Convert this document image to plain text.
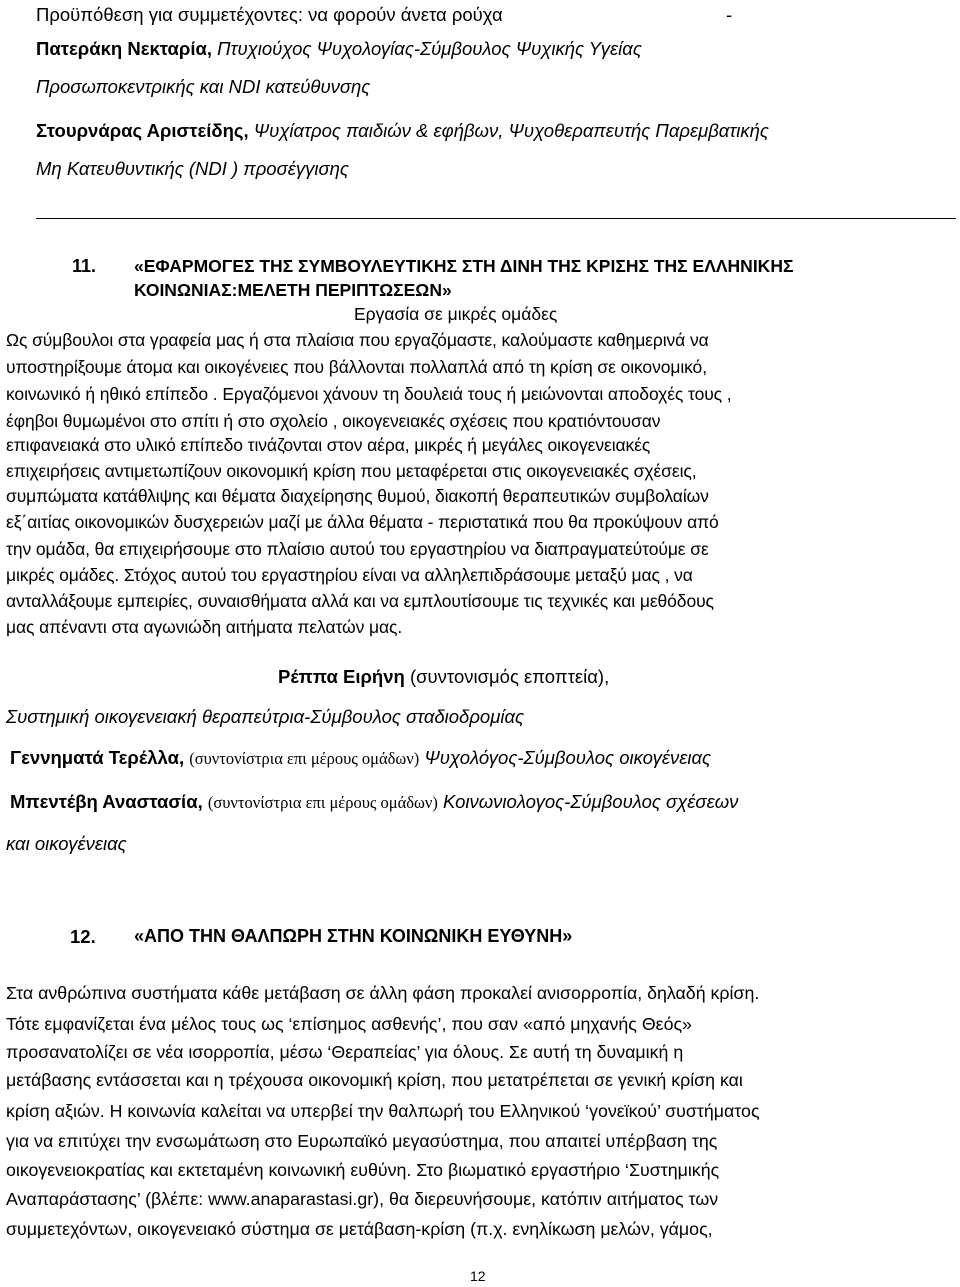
Προϋπόθεση για συμμετέχοντες: να φορούν άνετα ρούχα	-
Πατεράκη Νεκταρία, Πτυχιούχος Ψυχολογίας-Σύμβουλος Ψυχικής Υγείας
Προσωποκεντρικής και NDI κατεύθυνσης
Στουρνάρας Αριστείδης, Ψυχίατρος παιδιών & εφήβων, Ψυχοθεραπευτής Παρεμβατικής
Μη Κατευθυντικής (NDI ) προσέγγισης
11. «ΕΦΑΡΜΟΓΕΣ ΤΗΣ ΣΥΜΒΟΥΛΕΥΤΙΚΗΣ ΣΤΗ ΔΙΝΗ ΤΗΣ ΚΡΙΣΗΣ ΤΗΣ ΕΛΛΗΝΙΚΗΣ
ΚΟΙΝΩΝΙΑΣ:ΜΕΛΕΤΗ ΠΕΡΙΠΤΩΣΕΩΝ»
Εργασία σε μικρές ομάδες
Ως σύμβουλοι στα γραφεία μας ή στα πλαίσια που εργαζόμαστε, καλούμαστε καθημερινά να
υποστηρίξουμε άτομα και οικογένειες που βάλλονται πολλαπλά από τη κρίση σε οικονομικό,
κοινωνικό ή ηθικό επίπεδο . Εργαζόμενοι χάνουν τη δουλειά τους ή μειώνονται αποδοχές τους ,
έφηβοι θυμωμένοι στο σπίτι ή στο σχολείο , οικογενειακές σχέσεις που κρατιόντουσαν
επιφανειακά στο υλικό επίπεδο τινάζονται στον αέρα, μικρές ή μεγάλες οικογενειακές
επιχειρήσεις αντιμετωπίζουν οικονομική κρίση που μεταφέρεται στις οικογενειακές σχέσεις,
συμπώματα κατάθλιψης και θέματα διαχείρησης θυμού, διακοπή θεραπευτικών συμβολαίων
εξ΄αιτίας οικονομικών δυσχερειών μαζί με άλλα θέματα - περιστατικά που θα προκύψουν από
την ομάδα, θα επιχειρήσουμε στο πλαίσιο αυτού του εργαστηρίου να διαπραγματεύτούμε σε
μικρές ομάδες. Στόχος αυτού του εργαστηρίου είναι να αλληλεπιδράσουμε μεταξύ μας , να
ανταλλάξουμε εμπειρίες, συναισθήματα αλλά και να εμπλουτίσουμε τις τεχνικές και μεθόδους
μας απέναντι στα αγωνιώδη αιτήματα πελατών μας.
Ρέππα Ειρήνη (συντονισμός εποπτεία),
Συστημική οικογενειακή θεραπεύτρια-Σύμβουλος σταδιοδρομίας
Γεννηματά Τερέλλα, (συντονίστρια επι μέρους ομάδων) Ψυχολόγος-Σύμβουλος οικογένειας
Μπεντέβη Αναστασία, (συντονίστρια επι μέρους ομάδων) Κοινωνιολογος-Σύμβουλος σχέσεων
και οικογένειας
12. «ΑΠΟ ΤΗΝ ΘΑΛΠΩΡΗ ΣΤΗΝ ΚΟΙΝΩΝΙΚΗ ΕΥΘΥΝΗ»
Στα ανθρώπινα συστήματα κάθε μετάβαση σε άλλη φάση προκαλεί ανισορροπία, δηλαδή κρίση.
Τότε εμφανίζεται ένα μέλος τους ως ‘επίσημος ασθενής’, που σαν «από μηχανής Θεός»
προσανατολίζει σε νέα ισορροπία, μέσω ‘Θεραπείας’ για όλους. Σε αυτή τη δυναμική η
μετάβασης εντάσσεται και η τρέχουσα οικονομική κρίση, που μετατρέπεται σε γενική κρίση και
κρίση αξιών. Η κοινωνία καλείται να υπερβεί την θαλπωρή του Ελληνικού ‘γονεϊκού’ συστήματος
για να επιτύχει την ενσωμάτωση στο Ευρωπαϊκό μεγασύστημα, που απαιτεί υπέρβαση της
οικογενειοκρατίας και εκτεταμένη κοινωνική ευθύνη. Στο βιωματικό εργαστήριο ‘Συστημικής
Αναπαράστασης’ (βλέπε: www.anaparastasi.gr), θα διερευνήσουμε, κατόπιν αιτήματος των
συμμετεχόντων, οικογενειακό σύστημα σε μετάβαση-κρίση (π.χ. ενηλίκωση μελών, γάμος,
12
